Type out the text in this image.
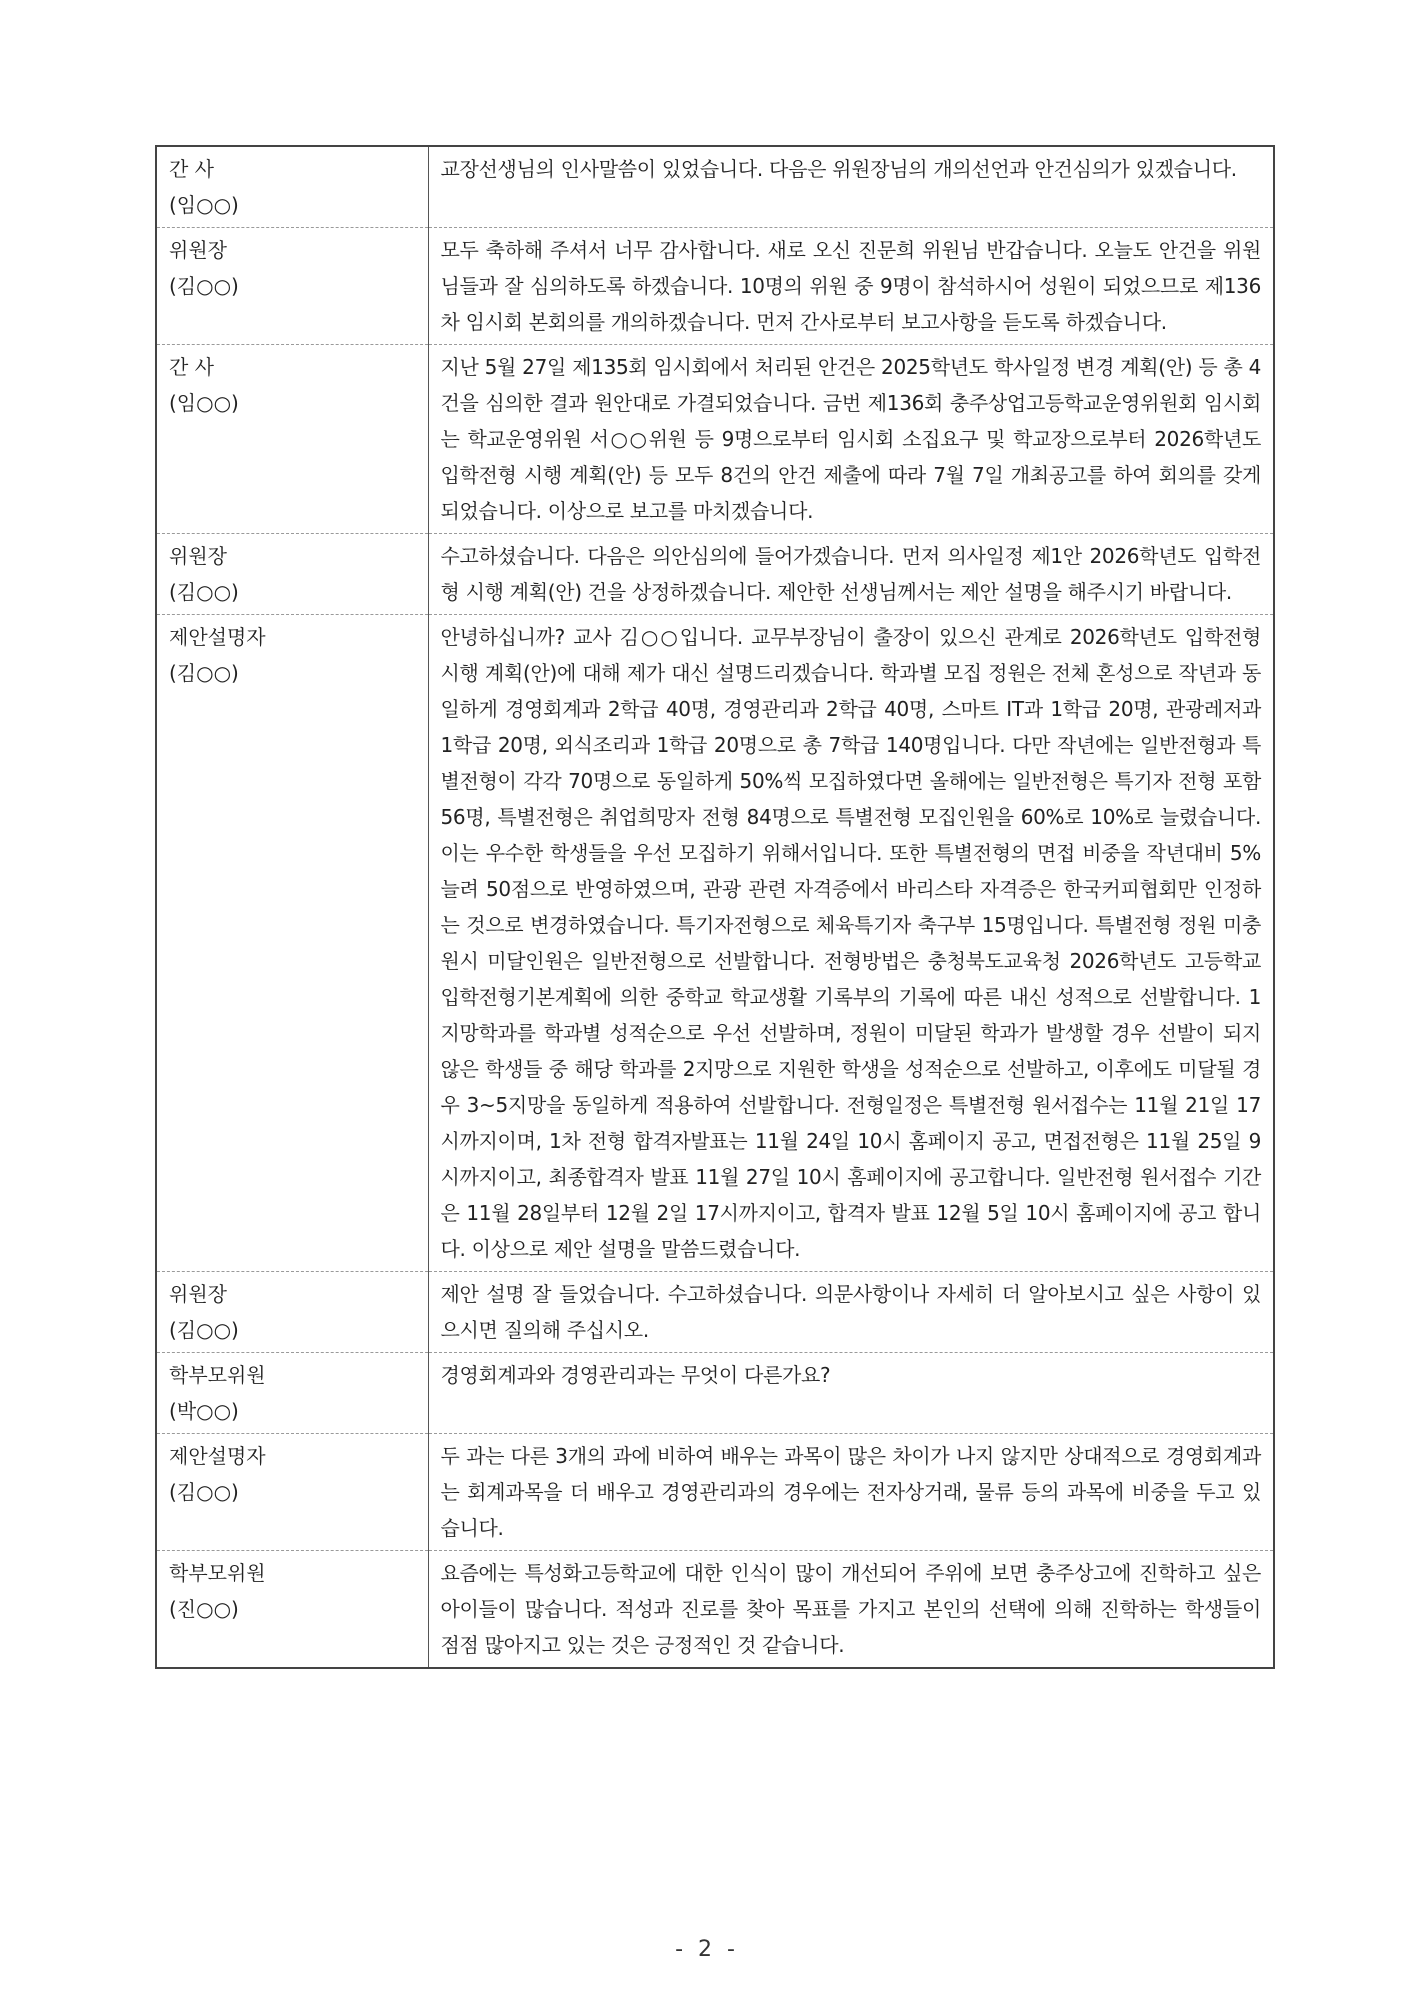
간 사
(임○○)	교장선생님의 인사말씀이 있었습니다. 다음은 위원장님의 개의선언과 안건심의가 있겠습니다.

위원장
(김○○)	모두 축하해 주셔서 너무 감사합니다. 새로 오신 진문희 위원님 반갑습니다. 오늘도 안건을 위원님들과 잘 심의하도록 하겠습니다. 10명의 위원 중 9명이 참석하시어 성원이 되었으므로 제136차 임시회 본회의를 개의하겠습니다. 먼저 간사로부터 보고사항을 듣도록 하겠습니다.

간 사
(임○○)	지난 5월 27일 제135회 임시회에서 처리된 안건은 2025학년도 학사일정 변경 계획(안) 등 총 4건을 심의한 결과 원안대로 가결되었습니다. 금번 제136회 충주상업고등학교운영위원회 임시회는 학교운영위원 서○○위원 등 9명으로부터 임시회 소집요구 및 학교장으로부터 2026학년도 입학전형 시행 계획(안) 등 모두 8건의 안건 제출에 따라 7월 7일 개최공고를 하여 회의를 갖게 되었습니다. 이상으로 보고를 마치겠습니다.

위원장
(김○○)	수고하셨습니다. 다음은 의안심의에 들어가겠습니다. 먼저 의사일정 제1안 2026학년도 입학전형 시행 계획(안) 건을 상정하겠습니다. 제안한 선생님께서는 제안 설명을 해주시기 바랍니다.

제안설명자
(김○○)	안녕하십니까? 교사 김○○입니다. 교무부장님이 출장이 있으신 관계로 2026학년도 입학전형 시행 계획(안)에 대해 제가 대신 설명드리겠습니다. 학과별 모집 정원은 전체 혼성으로 작년과 동일하게 경영회계과 2학급 40명, 경영관리과 2학급 40명, 스마트 IT과 1학급 20명, 관광레저과 1학급 20명, 외식조리과 1학급 20명으로 총 7학급 140명입니다. 다만 작년에는 일반전형과 특별전형이 각각 70명으로 동일하게 50%씩 모집하였다면 올해에는 일반전형은 특기자 전형 포함 56명, 특별전형은 취업희망자 전형 84명으로 특별전형 모집인원을 60%로 10%로 늘렸습니다. 이는 우수한 학생들을 우선 모집하기 위해서입니다. 또한 특별전형의 면접 비중을 작년대비 5% 늘려 50점으로 반영하였으며, 관광 관련 자격증에서 바리스타 자격증은 한국커피협회만 인정하는 것으로 변경하였습니다. 특기자전형으로 체육특기자 축구부 15명입니다. 특별전형 정원 미충원시 미달인원은 일반전형으로 선발합니다. 전형방법은 충청북도교육청 2026학년도 고등학교입학전형기본계획에 의한 중학교 학교생활 기록부의 기록에 따른 내신 성적으로 선발합니다. 1지망학과를 학과별 성적순으로 우선 선발하며, 정원이 미달된 학과가 발생할 경우 선발이 되지 않은 학생들 중 해당 학과를 2지망으로 지원한 학생을 성적순으로 선발하고, 이후에도 미달될 경우 3~5지망을 동일하게 적용하여 선발합니다. 전형일정은 특별전형 원서접수는 11월 21일 17시까지이며, 1차 전형 합격자발표는 11월 24일 10시 홈페이지 공고, 면접전형은 11월 25일 9시까지이고, 최종합격자 발표 11월 27일 10시 홈페이지에 공고합니다. 일반전형 원서접수 기간은 11월 28일부터 12월 2일 17시까지이고, 합격자 발표 12월 5일 10시 홈페이지에 공고 합니다. 이상으로 제안 설명을 말씀드렸습니다.

위원장
(김○○)	제안 설명 잘 들었습니다. 수고하셨습니다. 의문사항이나 자세히 더 알아보시고 싶은 사항이 있으시면 질의해 주십시오.

학부모위원
(박○○)	경영회계과와 경영관리과는 무엇이 다른가요?

제안설명자
(김○○)	두 과는 다른 3개의 과에 비하여 배우는 과목이 많은 차이가 나지 않지만 상대적으로 경영회계과는 회계과목을 더 배우고 경영관리과의 경우에는 전자상거래, 물류 등의 과목에 비중을 두고 있습니다.

학부모위원
(진○○)	요즘에는 특성화고등학교에 대한 인식이 많이 개선되어 주위에 보면 충주상고에 진학하고 싶은 아이들이 많습니다. 적성과 진로를 찾아 목표를 가지고 본인의 선택에 의해 진학하는 학생들이 점점 많아지고 있는 것은 긍정적인 것 같습니다.
- 2 -
